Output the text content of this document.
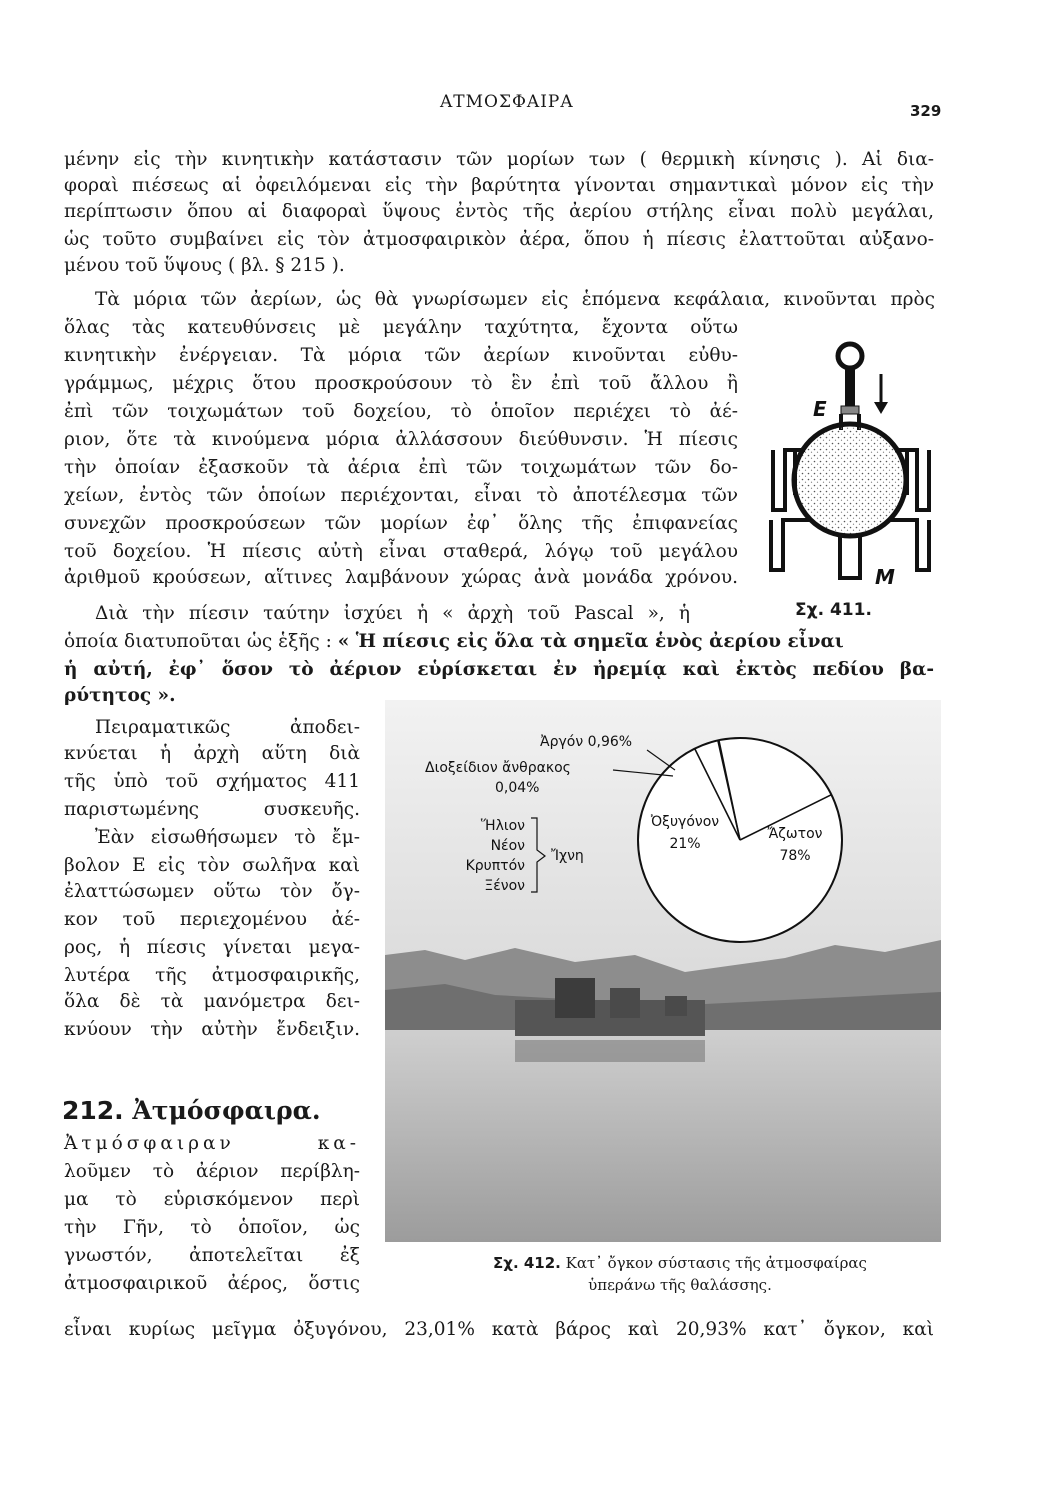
ΑΤΜΟΣΦΑΙΡΑ	329
μένην εἰς τὴν κινητικὴν κατάστασιν τῶν μορίων των ( θερμικὴ κίνησις ). Αἱ δια-
φοραὶ πιέσεως αἱ ὀφειλόμεναι εἰς τὴν βαρύτητα γίνονται σημαντικαὶ μόνον εἰς τὴν
περίπτωσιν ὅπου αἱ διαφοραὶ ὕψους ἐντὸς τῆς ἀερίου στήλης εἶναι πολὺ μεγάλαι,
ὡς τοῦτο συμβαίνει εἰς τὸν ἀτμοσφαιρικὸν ἀέρα, ὅπου ἡ πίεσις ἐλαττοῦται αὐξανο-
μένου τοῦ ὕψους ( βλ. § 215 ).
Τὰ μόρια τῶν ἀερίων, ὡς θὰ γνωρίσωμεν εἰς ἑπόμενα κεφάλαια, κινοῦνται πρὸς
ὅλας τὰς κατευθύνσεις μὲ μεγάλην ταχύτητα, ἔχοντα οὕτω
κινητικὴν ἐνέργειαν. Τὰ μόρια τῶν ἀερίων κινοῦνται εὐθυ-
γράμμως, μέχρις ὅτου προσκρούσουν τὸ ἓν ἐπὶ τοῦ ἄλλου ἢ
ἐπὶ τῶν τοιχωμάτων τοῦ δοχείου, τὸ ὁποῖον περιέχει τὸ ἀέ-
ριον, ὅτε τὰ κινούμενα μόρια ἀλλάσσουν διεύθυνσιν. Ἡ πίεσις
τὴν ὁποίαν ἐξασκοῦν τὰ ἀέρια ἐπὶ τῶν τοιχωμάτων τῶν δο-
χείων, ἐντὸς τῶν ὁποίων περιέχονται, εἶναι τὸ ἀποτέλεσμα τῶν
συνεχῶν προσκρούσεων τῶν μορίων ἐφ᾽ ὅλης τῆς ἐπιφανείας
τοῦ δοχείου. Ἡ πίεσις αὐτὴ εἶναι σταθερά, λόγῳ τοῦ μεγάλου
ἀριθμοῦ κρούσεων, αἵτινες λαμβάνουν χώρας ἀνὰ μονάδα χρόνου.
E
M
Σχ. 411.
Διὰ τὴν πίεσιν ταύτην ἰσχύει ἡ « ἀρχὴ τοῦ Pascal », ἡ
ὁποία διατυποῦται ὡς ἑξῆς : « Ἡ πίεσις εἰς ὅλα τὰ σημεῖα ἑνὸς ἀερίου εἶναι
ἡ αὐτή, ἐφ᾽ ὅσον τὸ ἀέριον εὑρίσκεται ἐν ἠρεμίᾳ καὶ ἐκτὸς πεδίου βα-
ρύτητος ».
Πειραματικῶς ἀποδει-
κνύεται ἡ ἀρχὴ αὕτη διὰ
τῆς ὑπὸ τοῦ σχήματος 411
παριστωμένης συσκευῆς.
Ἐὰν εἰσωθήσωμεν τὸ ἔμ-
βολον Ε εἰς τὸν σωλῆνα καὶ
ἐλαττώσωμεν οὕτω τὸν ὄγ-
κον τοῦ περιεχομένου ἀέ-
ρος, ἡ πίεσις γίνεται μεγα-
λυτέρα τῆς ἀτμοσφαιρικῆς,
ὅλα δὲ τὰ μανόμετρα δει-
κνύουν τὴν αὐτὴν ἔνδειξιν.
212. Ἀτμόσφαιρα.
Ἀτμόσφαιραν κα-
λοῦμεν τὸ ἀέριον περίβλη-
μα τὸ εὑρισκόμενον περὶ
τὴν Γῆν, τὸ ὁποῖον, ὡς
γνωστόν, ἀποτελεῖται ἐξ
ἀτμοσφαιρικοῦ ἀέρος, ὅστις
εἶναι κυρίως μεῖγμα ὀξυγόνου, 23,01% κατὰ βάρος καὶ 20,93% κατ᾽ ὄγκον, καὶ
Ἄζωτον
78%
Ὀξυγόνον
21%
Ἀργόν 0,96%
Διοξείδιον ἄνθρακος
0,04%
Ἥλιον
Νέον
Κρυπτόν
Ξένον
Ἴχνη
Σχ. 412. Κατ᾽ ὄγκον σύστασις τῆς ἀτμοσφαίρας
ὑπεράνω τῆς θαλάσσης.
